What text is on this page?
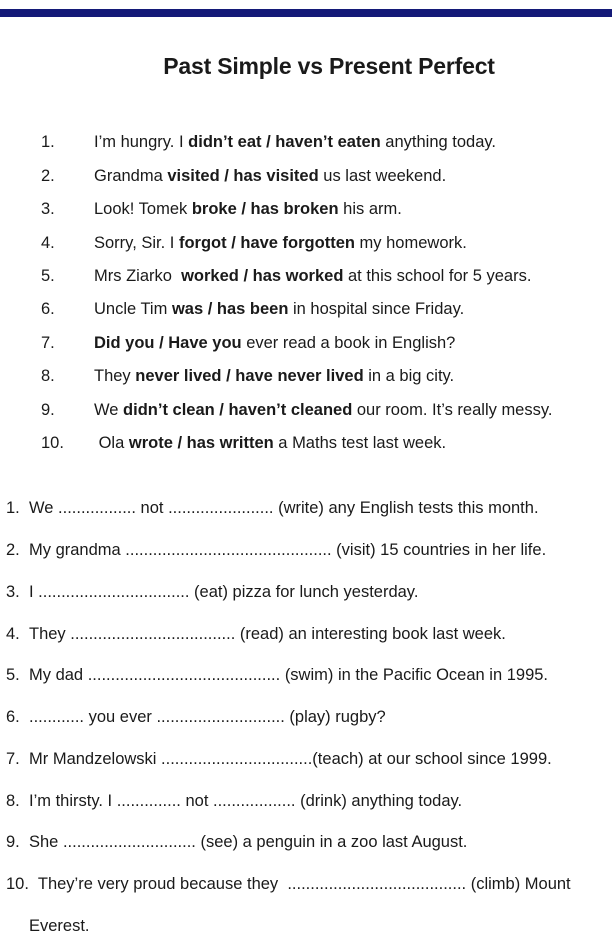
Past Simple vs Present Perfect
1. I’m hungry. I didn’t eat / haven’t eaten anything today.
2. Grandma visited / has visited us last weekend.
3. Look! Tomek broke / has broken his arm.
4. Sorry, Sir. I forgot / have forgotten my homework.
5. Mrs Ziarko  worked / has worked at this school for 5 years.
6. Uncle Tim was / has been in hospital since Friday.
7. Did you / Have you ever read a book in English?
8. They never lived / have never lived in a big city.
9. We didn’t clean / haven’t cleaned our room. It’s really messy.
10. Ola wrote / has written a Maths test last week.
1. We ................. not ....................... (write) any English tests this month.
2. My grandma ............................................. (visit) 15 countries in her life.
3. I ................................. (eat) pizza for lunch yesterday.
4. They .................................... (read) an interesting book last week.
5. My dad .......................................... (swim) in the Pacific Ocean in 1995.
6. ............ you ever ............................ (play) rugby?
7. Mr Mandzelowski .................................(teach) at our school since 1999.
8. I’m thirsty. I .............. not .................. (drink) anything today.
9. She ............................. (see) a penguin in a zoo last August.
10. They’re very proud because they  ....................................... (climb) Mount
Everest.
